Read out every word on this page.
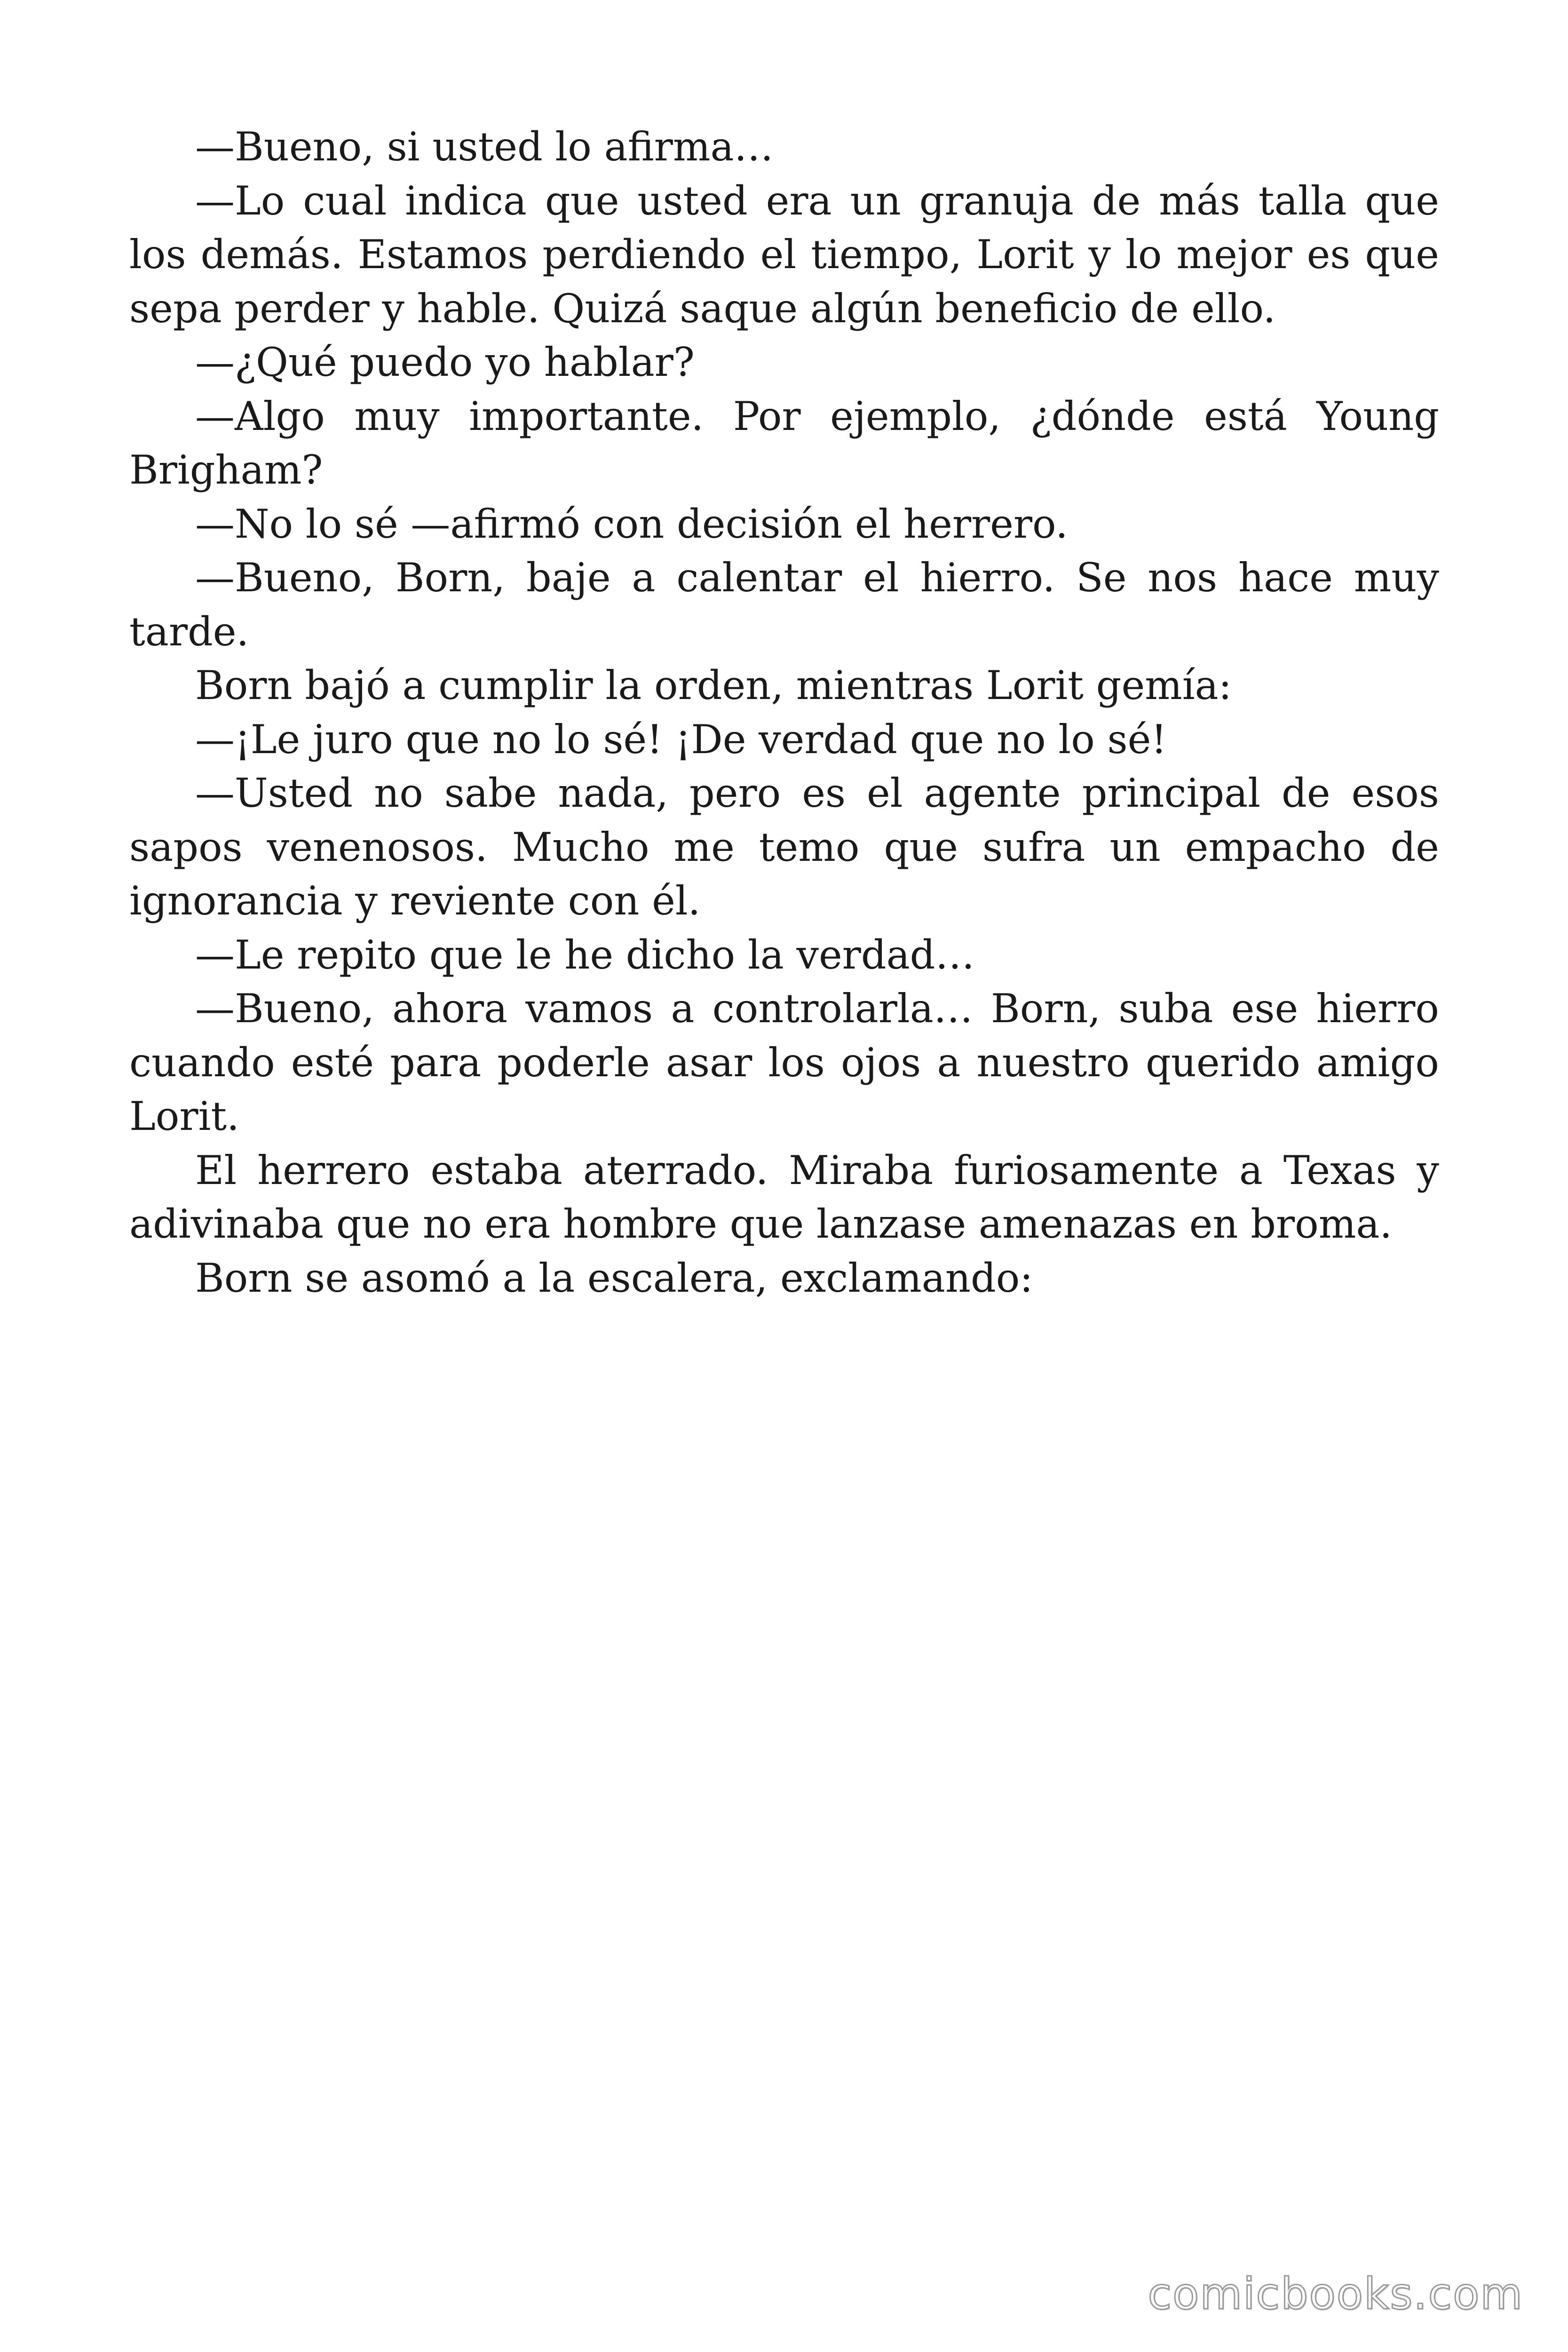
—Bueno, si usted lo afirma…

—Lo cual indica que usted era un granuja de más talla que los demás. Estamos perdiendo el tiempo, Lorit y lo mejor es que sepa perder y hable. Quizá saque algún beneficio de ello.

—¿Qué puedo yo hablar?

—Algo muy importante. Por ejemplo, ¿dónde está Young Brigham?

—No lo sé —afirmó con decisión el herrero.

—Bueno, Born, baje a calentar el hierro. Se nos hace muy tarde.

Born bajó a cumplir la orden, mientras Lorit gemía:

—¡Le juro que no lo sé! ¡De verdad que no lo sé!

—Usted no sabe nada, pero es el agente principal de esos sapos venenosos. Mucho me temo que sufra un empacho de ignorancia y reviente con él.

—Le repito que le he dicho la verdad…

—Bueno, ahora vamos a controlarla… Born, suba ese hierro cuando esté para poderle asar los ojos a nuestro querido amigo Lorit.

El herrero estaba aterrado. Miraba furiosamente a Texas y adivinaba que no era hombre que lanzase amenazas en broma.

Born se asomó a la escalera, exclamando:

comicbooks.com
